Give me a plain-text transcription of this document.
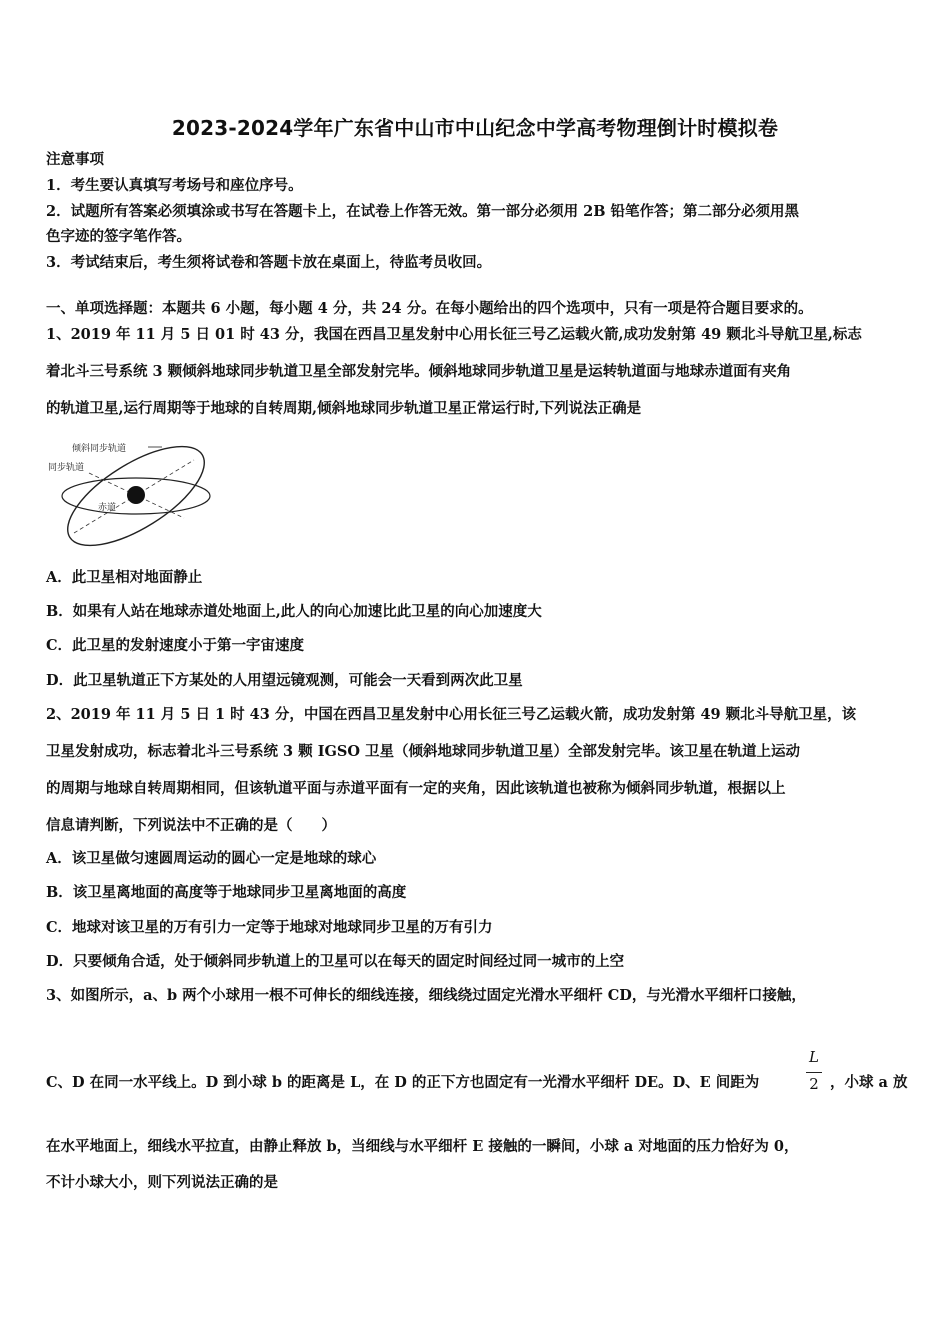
2023-2024学年广东省中山市中山纪念中学高考物理倒计时模拟卷
注意事项
1．考生要认真填写考场号和座位序号。
2．试题所有答案必须填涂或书写在答题卡上，在试卷上作答无效。第一部分必须用 2B 铅笔作答；第二部分必须用黑
色字迹的签字笔作答。
3．考试结束后，考生须将试卷和答题卡放在桌面上，待监考员收回。
一、单项选择题：本题共 6 小题，每小题 4 分，共 24 分。在每小题给出的四个选项中，只有一项是符合题目要求的。
1、2019 年 11 月 5 日 01 时 43 分，我国在西昌卫星发射中心用长征三号乙运载火箭,成功发射第 49 颗北斗导航卫星,标志
着北斗三号系统 3 颗倾斜地球同步轨道卫星全部发射完毕。倾斜地球同步轨道卫星是运转轨道面与地球赤道面有夹角
的轨道卫星,运行周期等于地球的自转周期,倾斜地球同步轨道卫星正常运行时,下列说法正确是
倾斜同步轨道
同步轨道
赤道
A．此卫星相对地面静止
B．如果有人站在地球赤道处地面上,此人的向心加速比此卫星的向心加速度大
C．此卫星的发射速度小于第一宇宙速度
D．此卫星轨道正下方某处的人用望远镜观测，可能会一天看到两次此卫星
2、2019 年 11 月 5 日 1 时 43 分，中国在西昌卫星发射中心用长征三号乙运载火箭，成功发射第 49 颗北斗导航卫星，该
卫星发射成功，标志着北斗三号系统 3 颗 IGSO 卫星（倾斜地球同步轨道卫星）全部发射完毕。该卫星在轨道上运动
的周期与地球自转周期相同，但该轨道平面与赤道平面有一定的夹角，因此该轨道也被称为倾斜同步轨道，根据以上
信息请判断，下列说法中不正确的是（　　）
A．该卫星做匀速圆周运动的圆心一定是地球的球心
B．该卫星离地面的高度等于地球同步卫星离地面的高度
C．地球对该卫星的万有引力一定等于地球对地球同步卫星的万有引力
D．只要倾角合适，处于倾斜同步轨道上的卫星可以在每天的固定时间经过同一城市的上空
3、如图所示，a、b 两个小球用一根不可伸长的细线连接，细线绕过固定光滑水平细杆 CD，与光滑水平细杆口接触，
C、D 在同一水平线上。D 到小球 b 的距离是 L，在 D 的正下方也固定有一光滑水平细杆 DE。D、E 间距为
L
2 ，小球 a 放
在水平地面上，细线水平拉直，由静止释放 b，当细线与水平细杆 E 接触的一瞬间，小球 a 对地面的压力恰好为 0，
不计小球大小，则下列说法正确的是
